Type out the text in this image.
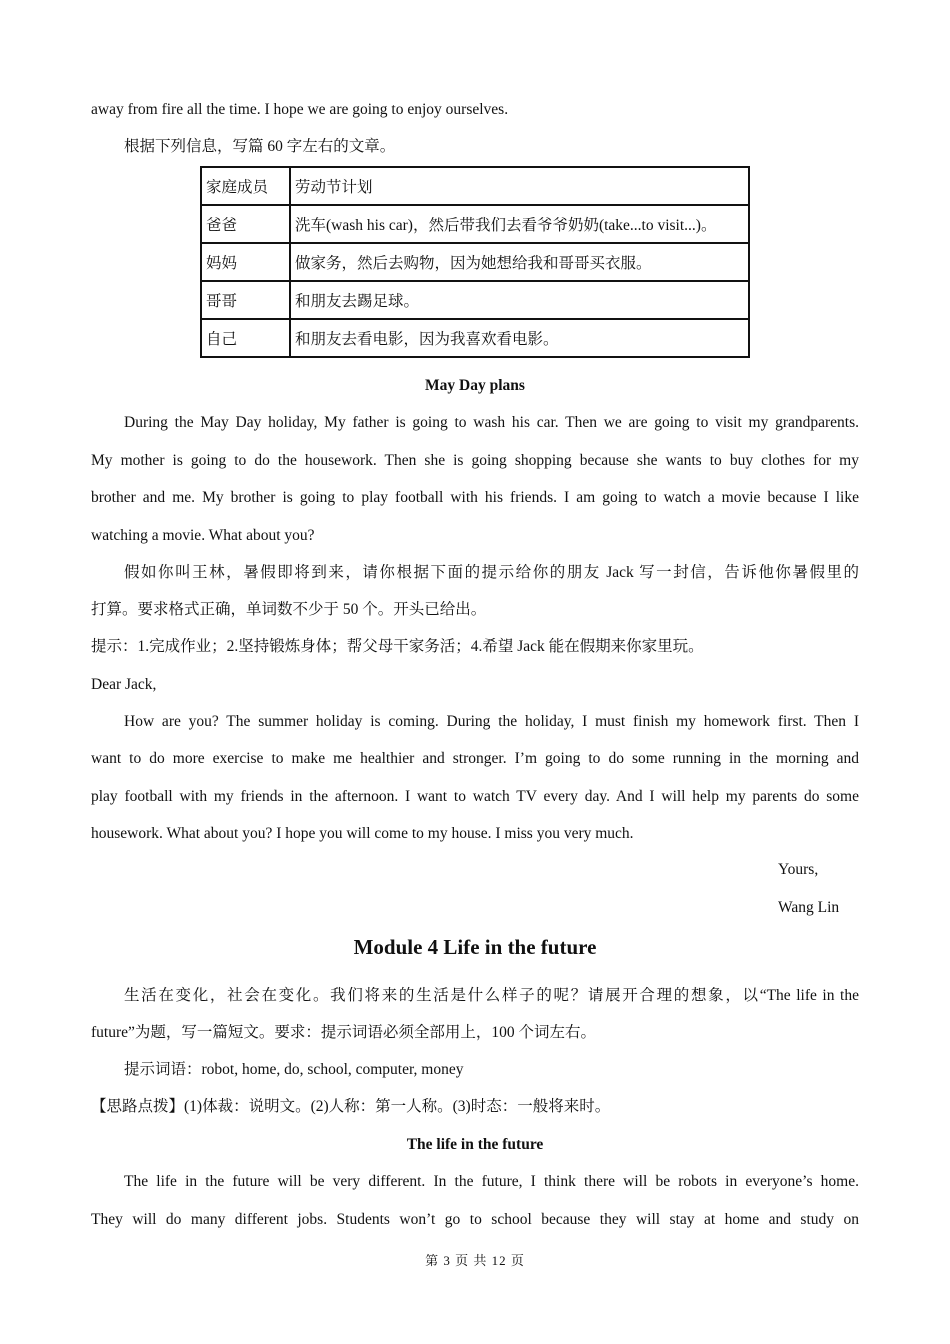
away from fire all the time. I hope we are going to enjoy ourselves.
根据下列信息，写篇 60 字左右的文章。
家庭成员	劳动节计划
爸爸	洗车(wash his car)，然后带我们去看爷爷奶奶(take...to visit...)。
妈妈	做家务，然后去购物，因为她想给我和哥哥买衣服。
哥哥	和朋友去踢足球。
自己	和朋友去看电影，因为我喜欢看电影。
May Day plans
During the May Day holiday, My father is going to wash his car. Then we are going to visit my grandparents.
My mother is going to do the housework. Then she is going shopping because she wants to buy clothes for my
brother and me. My brother is going to play football with his friends. I am going to watch a movie because I like
watching a movie. What about you?
假如你叫王林，暑假即将到来，请你根据下面的提示给你的朋友 Jack 写一封信，告诉他你暑假里的
打算。要求格式正确，单词数不少于 50 个。开头已给出。
提示：1.完成作业；2.坚持锻炼身体；帮父母干家务活；4.希望 Jack 能在假期来你家里玩。
Dear Jack,
How are you? The summer holiday is coming. During the holiday, I must finish my homework first. Then I
want to do more exercise to make me healthier and stronger. I’m going to do some running in the morning and
play football with my friends in the afternoon. I want to watch TV every day. And I will help my parents do some
housework. What about you? I hope you will come to my house. I miss you very much.
Yours,
Wang Lin
Module 4 Life in the future
生活在变化，社会在变化。我们将来的生活是什么样子的呢？请展开合理的想象，以“The life in the
future”为题，写一篇短文。要求：提示词语必须全部用上，100 个词左右。
提示词语：robot, home, do, school, computer, money
【思路点拨】(1)体裁：说明文。(2)人称：第一人称。(3)时态：一般将来时。
The life in the future
The life in the future will be very different. In the future, I think there will be robots in everyone’s home.
They will do many different jobs. Students won’t go to school because they will stay at home and study on
第 3 页 共 12 页
